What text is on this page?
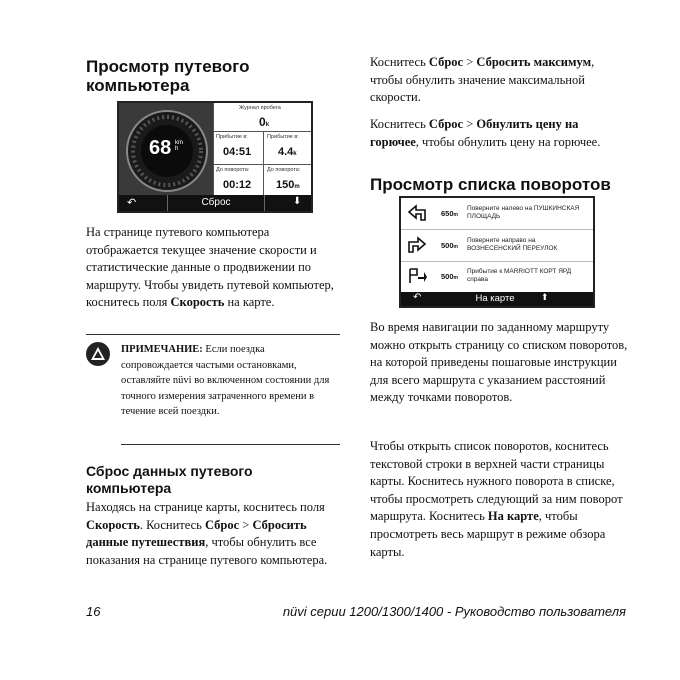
Просмотр путевого компьютера
68 km
h
Журнал пробега
0k
Прибытие в:
04:51
Прибытие в:
4.4k
До поворота:
00:12
До поворота:
150m
↶	Сброс	⬇
На странице путевого компьютера отображается текущее значение скорости и статистические данные о продвижении по маршруту. Чтобы увидеть путевой компьютер, коснитесь поля Скорость на карте.
ПРИМЕЧАНИЕ: Если поездка сопровождается частыми остановками, оставляйте nüvi во включенном состоянии для точного измерения затраченного времени в течение всей поездки.
Сброс данных путевого компьютера
Находясь на странице карты, коснитесь поля Скорость. Коснитесь Сброс > Сбросить данные путешествия, чтобы обнулить все показания на странице путевого компьютера.
Коснитесь Сброс > Сбросить максимум, чтобы обнулить значение максимальной скорости.
Коснитесь Сброс > Обнулить цену на горючее, чтобы обнулить цену на горючее.
Просмотр списка поворотов
650m
Поверните налево на ПУШКИНСКАЯ ПЛОЩАДЬ
500m
Поверните направо на ВОЗНЕСЕНСКИЙ ПЕРЕУЛОК
500m
Прибытие к MARRIOTT КОРТ ЯРД справа
↶	На карте	⬆
Во время навигации по заданному маршруту можно открыть страницу со списком поворотов, на которой приведены пошаговые инструкции для всего маршрута с указанием расстояний между точками поворотов.
Чтобы открыть список поворотов, коснитесь текстовой строки в верхней части страницы карты. Коснитесь нужного поворота в списке, чтобы просмотреть следующий за ним поворот маршрута. Коснитесь На карте, чтобы просмотреть весь маршрут в режиме обзора карты.
16	nüvi серии 1200/1300/1400 - Руководство пользователя
